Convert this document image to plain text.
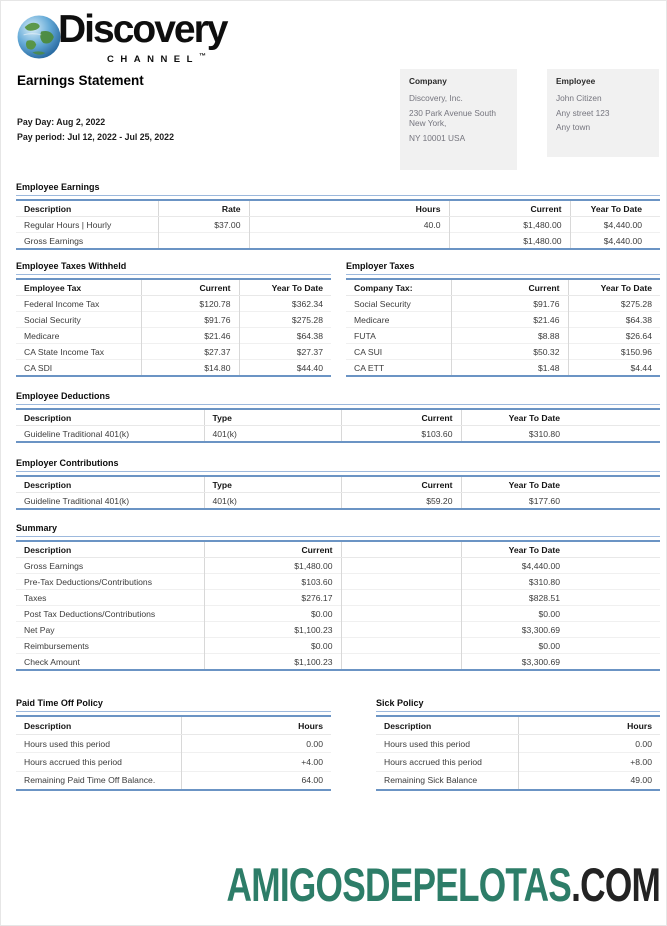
Discovery
CHANNEL™
Earnings Statement
Pay Day: Aug 2, 2022
Pay period: Jul 12, 2022 - Jul 25, 2022
Company
Discovery, Inc.
230 Park Avenue South
New York,
NY 10001 USA
Employee
John Citizen
Any street 123
Any town
Employee Earnings
Description	Rate	Hours	Current	Year To Date
Regular Hours | Hourly	$37.00	40.0	$1,480.00	$4,440.00
Gross Earnings			$1,480.00	$4,440.00
Employee Taxes Withheld
Employee Tax	Current	Year To Date
Federal Income Tax	$120.78	$362.34
Social Security	$91.76	$275.28
Medicare	$21.46	$64.38
CA State Income Tax	$27.37	$27.37
CA SDI	$14.80	$44.40
Employer Taxes
Company Tax:	Current	Year To Date
Social Security	$91.76	$275.28
Medicare	$21.46	$64.38
FUTA	$8.88	$26.64
CA SUI	$50.32	$150.96
CA ETT	$1.48	$4.44
Employee Deductions
Description	Type	Current	Year To Date
Guideline Traditional 401(k)	401(k)	$103.60	$310.80
Employer Contributions
Description	Type	Current	Year To Date
Guideline Traditional 401(k)	401(k)	$59.20	$177.60
Summary
Description	Current		Year To Date
Gross Earnings	$1,480.00		$4,440.00
Pre-Tax Deductions/Contributions	$103.60		$310.80
Taxes	$276.17		$828.51
Post Tax Deductions/Contributions	$0.00		$0.00
Net Pay	$1,100.23		$3,300.69
Reimbursements	$0.00		$0.00
Check Amount	$1,100.23		$3,300.69
Paid Time Off Policy
Description	Hours
Hours used this period	0.00
Hours accrued this period	+4.00
Remaining Paid Time Off Balance.	64.00
Sick Policy
Description	Hours
Hours used this period	0.00
Hours accrued this period	+8.00
Remaining Sick Balance	49.00
AMIGOSDEPELOTAS.COM
